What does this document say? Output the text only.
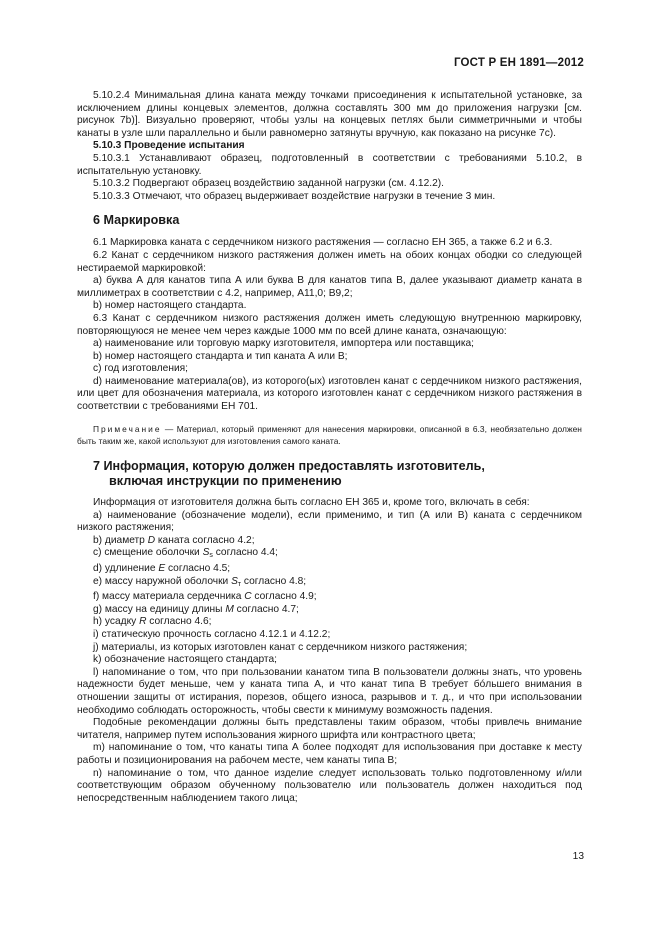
ГОСТ Р ЕН 1891—2012

5.10.2.4 Минимальная длина каната между точками присоединения к испытательной установке, за исключением длины концевых элементов, должна составлять 300 мм до приложения нагрузки [см. рисунок 7b)]. Визуально проверяют, чтобы узлы на концевых петлях были симметричными и чтобы канаты в узле шли параллельно и были равномерно затянуты вручную, как показано на рисунке 7с).

5.10.3 Проведение испытания

5.10.3.1 Устанавливают образец, подготовленный в соответствии с требованиями 5.10.2, в испытательную установку.

5.10.3.2 Подвергают образец воздействию заданной нагрузки (см. 4.12.2).

5.10.3.3 Отмечают, что образец выдерживает воздействие нагрузки в течение 3 мин.

6 Маркировка

6.1 Маркировка каната с сердечником низкого растяжения — согласно ЕН 365, а также 6.2 и 6.3.

6.2 Канат с сердечником низкого растяжения должен иметь на обоих концах ободки со следующей нестираемой маркировкой:

a) буква А для канатов типа А или буква В для канатов типа В, далее указывают диаметр каната в миллиметрах в соответствии с 4.2, например, А11,0; В9,2;

b) номер настоящего стандарта.

6.3 Канат с сердечником низкого растяжения должен иметь следующую внутреннюю маркировку, повторяющуюся не менее чем через каждые 1000 мм по всей длине каната, означающую:

a) наименование или торговую марку изготовителя, импортера или поставщика;

b) номер настоящего стандарта и тип каната А или В;

c) год изготовления;

d) наименование материала(ов), из которого(ых) изготовлен канат с сердечником низкого растяжения, или цвет для обозначения материала, из которого изготовлен канат с сердечником низкого растяжения в соответствии с требованиями ЕН 701.

Примечание — Материал, который применяют для нанесения маркировки, описанной в 6.3, необязательно должен быть таким же, какой используют для изготовления самого каната.

7 Информация, которую должен предоставлять изготовитель,
включая инструкции по применению

Информация от изготовителя должна быть согласно ЕН 365 и, кроме того, включать в себя:

a) наименование (обозначение модели), если применимо, и тип (А или В) каната с сердечником низкого растяжения;

b) диаметр D каната согласно 4.2;

c) смещение оболочки $S_s$ согласно 4.4;

d) удлинение E согласно 4.5;

e) массу наружной оболочки $S_т$ согласно 4.8;

f) массу материала сердечника C согласно 4.9;

g) массу на единицу длины M согласно 4.7;

h) усадку R согласно 4.6;

i) статическую прочность согласно 4.12.1 и 4.12.2;

j) материалы, из которых изготовлен канат с сердечником низкого растяжения;

k) обозначение настоящего стандарта;

l) напоминание о том, что при пользовании канатом типа В пользователи должны знать, что уровень надежности будет меньше, чем у каната типа А, и что канат типа В требует бóльшего внимания в отношении защиты от истирания, порезов, общего износа, разрывов и т. д., и что при использовании необходимо соблюдать осторожность, чтобы свести к минимуму возможность падения.

Подобные рекомендации должны быть представлены таким образом, чтобы привлечь внимание читателя, например путем использования жирного шрифта или контрастного цвета;

m) напоминание о том, что канаты типа А более подходят для использования при доставке к месту работы и позиционирования на рабочем месте, чем канаты типа В;

n) напоминание о том, что данное изделие следует использовать только подготовленному и/или соответствующим образом обученному пользователю или пользователь должен находиться под непосредственным наблюдением такого лица;

13
